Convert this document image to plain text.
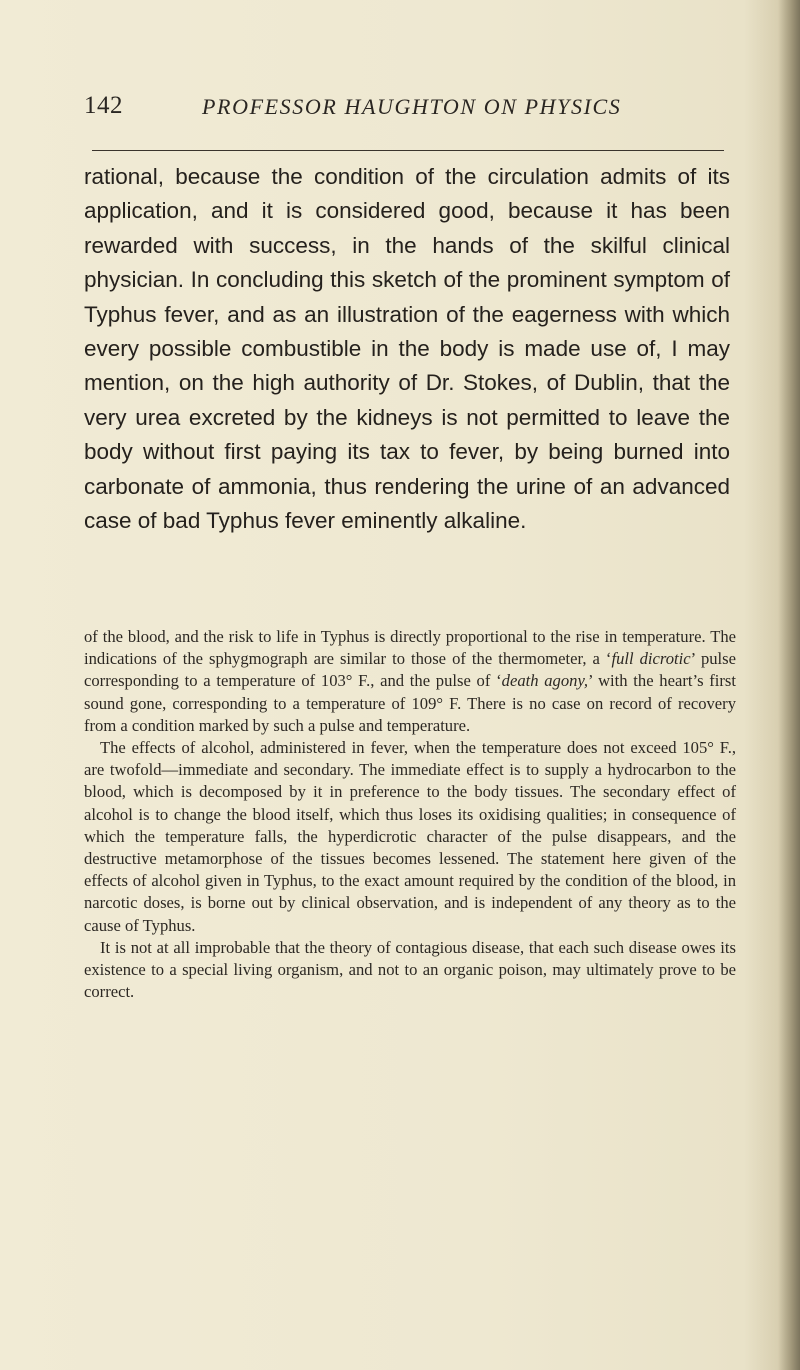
142	PROFESSOR HAUGHTON ON PHYSICS

rational, because the condition of the circulation admits of its application, and it is considered good, because it has been rewarded with success, in the hands of the skilful clinical physician. In concluding this sketch of the prominent symptom of Typhus fever, and as an illustration of the eagerness with which every possible combustible in the body is made use of, I may mention, on the high authority of Dr. Stokes, of Dublin, that the very urea excreted by the kidneys is not permitted to leave the body without first paying its tax to fever, by being burned into carbonate of ammonia, thus rendering the urine of an advanced case of bad Typhus fever eminently alkaline.

of the blood, and the risk to life in Typhus is directly proportional to the rise in temperature. The indications of the sphygmograph are similar to those of the thermometer, a ‘full dicrotic’ pulse corresponding to a temperature of 103° F., and the pulse of ‘death agony,’ with the heart’s first sound gone, corresponding to a temperature of 109° F. There is no case on record of recovery from a condition marked by such a pulse and temperature.

The effects of alcohol, administered in fever, when the temperature does not exceed 105° F., are twofold—immediate and secondary. The immediate effect is to supply a hydrocarbon to the blood, which is decomposed by it in preference to the body tissues. The secondary effect of alcohol is to change the blood itself, which thus loses its oxidising qualities; in consequence of which the temperature falls, the hyperdicrotic character of the pulse disappears, and the destructive metamorphose of the tissues becomes lessened. The statement here given of the effects of alcohol given in Typhus, to the exact amount required by the condition of the blood, in narcotic doses, is borne out by clinical observation, and is independent of any theory as to the cause of Typhus.

It is not at all improbable that the theory of contagious disease, that each such disease owes its existence to a special living organism, and not to an organic poison, may ultimately prove to be correct.
